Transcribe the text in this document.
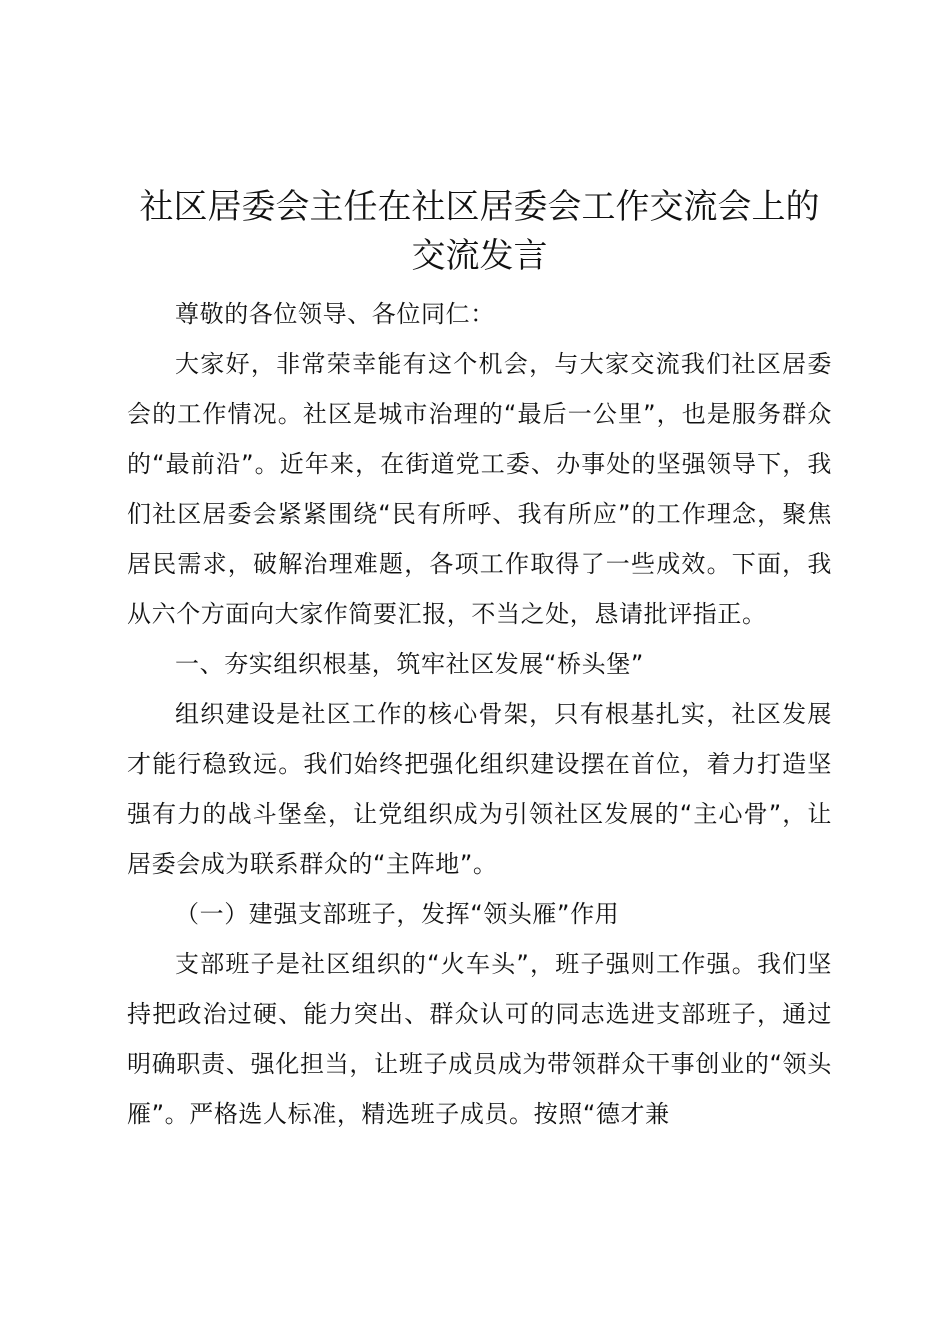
社区居委会主任在社区居委会工作交流会上的交流发言

尊敬的各位领导、各位同仁：

大家好，非常荣幸能有这个机会，与大家交流我们社区居委会的工作情况。社区是城市治理的“最后一公里”，也是服务群众的“最前沿”。近年来，在街道党工委、办事处的坚强领导下，我们社区居委会紧紧围绕“民有所呼、我有所应”的工作理念，聚焦居民需求，破解治理难题，各项工作取得了一些成效。下面，我从六个方面向大家作简要汇报，不当之处，恳请批评指正。

一、夯实组织根基，筑牢社区发展“桥头堡”

组织建设是社区工作的核心骨架，只有根基扎实，社区发展才能行稳致远。我们始终把强化组织建设摆在首位，着力打造坚强有力的战斗堡垒，让党组织成为引领社区发展的“主心骨”，让居委会成为联系群众的“主阵地”。

（一）建强支部班子，发挥“领头雁”作用

支部班子是社区组织的“火车头”，班子强则工作强。我们坚持把政治过硬、能力突出、群众认可的同志选进支部班子，通过明确职责、强化担当，让班子成员成为带领群众干事创业的“领头雁”。严格选人标准，精选班子成员。按照“德才兼
